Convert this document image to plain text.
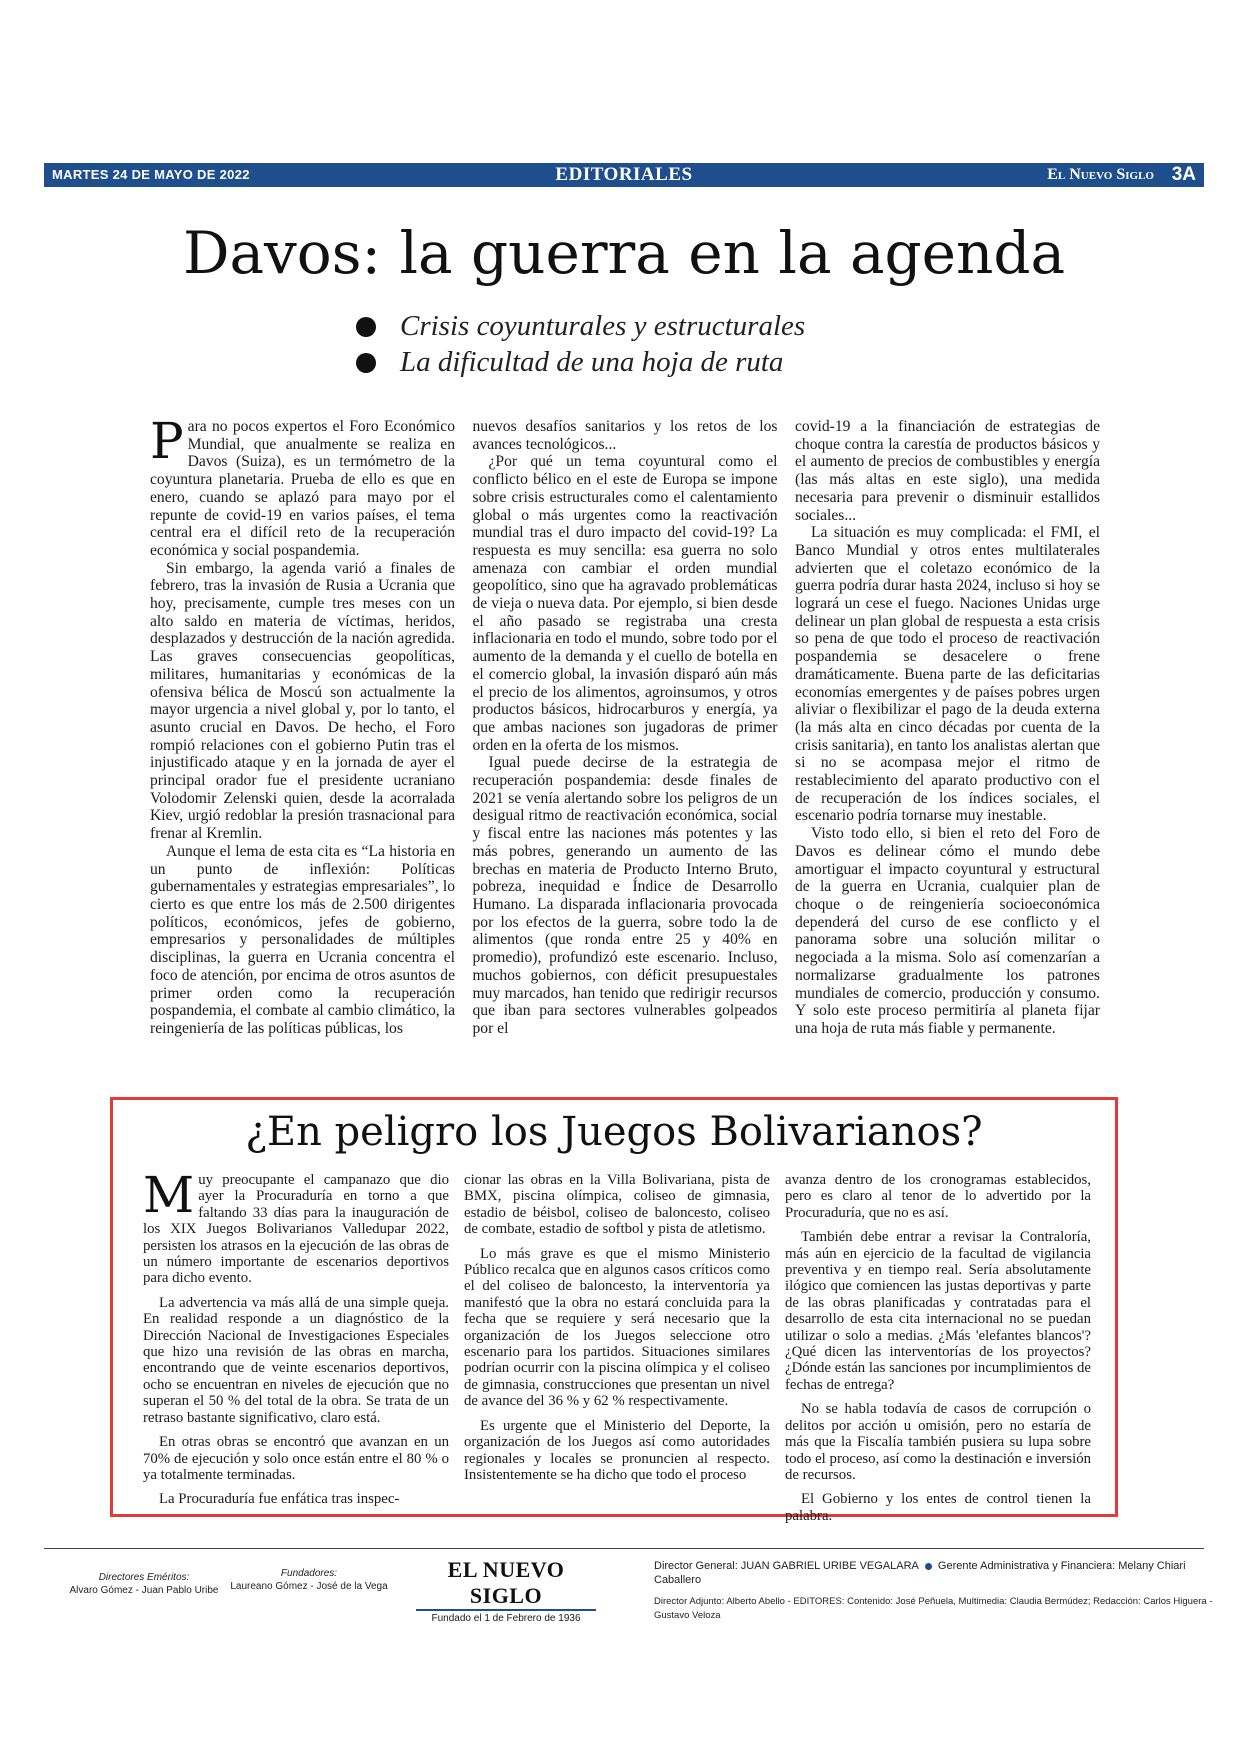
MARTES 24 DE MAYO DE 2022	EDITORIALES	El Nuevo Siglo 3A
Davos: la guerra en la agenda
Crisis coyunturales y estructurales
La dificultad de una hoja de ruta

Para no pocos expertos el Foro Económico Mundial, que anualmente se realiza en Davos (Suiza), es un termómetro de la coyuntura planetaria. Prueba de ello es que en enero, cuando se aplazó para mayo por el repunte de covid-19 en varios países, el tema central era el difícil reto de la recuperación económica y social pospandemia.

Sin embargo, la agenda varió a finales de febrero, tras la invasión de Rusia a Ucrania que hoy, precisamente, cumple tres meses con un alto saldo en materia de víctimas, heridos, desplazados y destrucción de la nación agredida. Las graves consecuencias geopolíticas, militares, humanitarias y económicas de la ofensiva bélica de Moscú son actualmente la mayor urgencia a nivel global y, por lo tanto, el asunto crucial en Davos. De hecho, el Foro rompió relaciones con el gobierno Putin tras el injustificado ataque y en la jornada de ayer el principal orador fue el presidente ucraniano Volodomir Zelenski quien, desde la acorralada Kiev, urgió redoblar la presión trasnacional para frenar al Kremlin.

Aunque el lema de esta cita es “La historia en un punto de inflexión: Políticas gubernamentales y estrategias empresariales”, lo cierto es que entre los más de 2.500 dirigentes políticos, económicos, jefes de gobierno, empresarios y personalidades de múltiples disciplinas, la guerra en Ucrania concentra el foco de atención, por encima de otros asuntos de primer orden como la recuperación pospandemia, el combate al cambio climático, la reingeniería de las políticas públicas, los

nuevos desafíos sanitarios y los retos de los avances tecnológicos...

¿Por qué un tema coyuntural como el conflicto bélico en el este de Europa se impone sobre crisis estructurales como el calentamiento global o más urgentes como la reactivación mundial tras el duro impacto del covid-19? La respuesta es muy sencilla: esa guerra no solo amenaza con cambiar el orden mundial geopolítico, sino que ha agravado problemáticas de vieja o nueva data. Por ejemplo, si bien desde el año pasado se registraba una cresta inflacionaria en todo el mundo, sobre todo por el aumento de la demanda y el cuello de botella en el comercio global, la invasión disparó aún más el precio de los alimentos, agroinsumos, y otros productos básicos, hidrocarburos y energía, ya que ambas naciones son jugadoras de primer orden en la oferta de los mismos.

Igual puede decirse de la estrategia de recuperación pospandemia: desde finales de 2021 se venía alertando sobre los peligros de un desigual ritmo de reactivación económica, social y fiscal entre las naciones más potentes y las más pobres, generando un aumento de las brechas en materia de Producto Interno Bruto, pobreza, inequidad e Índice de Desarrollo Humano. La disparada inflacionaria provocada por los efectos de la guerra, sobre todo la de alimentos (que ronda entre 25 y 40% en promedio), profundizó este escenario. Incluso, muchos gobiernos, con déficit presupuestales muy marcados, han tenido que redirigir recursos que iban para sectores vulnerables golpeados por el

covid-19 a la financiación de estrategias de choque contra la carestía de productos básicos y el aumento de precios de combustibles y energía (las más altas en este siglo), una medida necesaria para prevenir o disminuir estallidos sociales...

La situación es muy complicada: el FMI, el Banco Mundial y otros entes multilaterales advierten que el coletazo económico de la guerra podría durar hasta 2024, incluso si hoy se logrará un cese el fuego. Naciones Unidas urge delinear un plan global de respuesta a esta crisis so pena de que todo el proceso de reactivación pospandemia se desacelere o frene dramáticamente. Buena parte de las deficitarias economías emergentes y de países pobres urgen aliviar o flexibilizar el pago de la deuda externa (la más alta en cinco décadas por cuenta de la crisis sanitaria), en tanto los analistas alertan que si no se acompasa mejor el ritmo de restablecimiento del aparato productivo con el de recuperación de los índices sociales, el escenario podría tornarse muy inestable.

Visto todo ello, si bien el reto del Foro de Davos es delinear cómo el mundo debe amortiguar el impacto coyuntural y estructural de la guerra en Ucrania, cualquier plan de choque o de reingeniería socioeconómica dependerá del curso de ese conflicto y el panorama sobre una solución militar o negociada a la misma. Solo así comenzarían a normalizarse gradualmente los patrones mundiales de comercio, producción y consumo. Y solo este proceso permitiría al planeta fijar una hoja de ruta más fiable y permanente.

¿En peligro los Juegos Bolivarianos?

Muy preocupante el campanazo que dio ayer la Procuraduría en torno a que faltando 33 días para la inauguración de los XIX Juegos Bolivarianos Valledupar 2022, persisten los atrasos en la ejecución de las obras de un número importante de escenarios deportivos para dicho evento.

La advertencia va más allá de una simple queja. En realidad responde a un diagnóstico de la Dirección Nacional de Investigaciones Especiales que hizo una revisión de las obras en marcha, encontrando que de veinte escenarios deportivos, ocho se encuentran en niveles de ejecución que no superan el 50 % del total de la obra. Se trata de un retraso bastante significativo, claro está.

En otras obras se encontró que avanzan en un 70% de ejecución y solo once están entre el 80 % o ya totalmente terminadas.

La Procuraduría fue enfática tras inspec-

cionar las obras en la Villa Bolivariana, pista de BMX, piscina olímpica, coliseo de gimnasia, estadio de béisbol, coliseo de baloncesto, coliseo de combate, estadio de softbol y pista de atletismo.

Lo más grave es que el mismo Ministerio Público recalca que en algunos casos críticos como el del coliseo de baloncesto, la interventoría ya manifestó que la obra no estará concluida para la fecha que se requiere y será necesario que la organización de los Juegos seleccione otro escenario para los partidos. Situaciones similares podrían ocurrir con la piscina olímpica y el coliseo de gimnasia, construcciones que presentan un nivel de avance del 36 % y 62 % respectivamente.

Es urgente que el Ministerio del Deporte, la organización de los Juegos así como autoridades regionales y locales se pronuncien al respecto. Insistentemente se ha dicho que todo el proceso

avanza dentro de los cronogramas establecidos, pero es claro al tenor de lo advertido por la Procuraduría, que no es así.

También debe entrar a revisar la Contraloría, más aún en ejercicio de la facultad de vigilancia preventiva y en tiempo real. Sería absolutamente ilógico que comiencen las justas deportivas y parte de las obras planificadas y contratadas para el desarrollo de esta cita internacional no se puedan utilizar o solo a medias. ¿Más 'elefantes blancos'? ¿Qué dicen las interventorías de los proyectos? ¿Dónde están las sanciones por incumplimientos de fechas de entrega?

No se habla todavía de casos de corrupción o delitos por acción u omisión, pero no estaría de más que la Fiscalía también pusiera su lupa sobre todo el proceso, así como la destinación e inversión de recursos.

El Gobierno y los entes de control tienen la palabra.

Directores Eméritos:
Alvaro Gómez - Juan Pablo Uribe
Fundadores:
Laureano Gómez - José de la Vega
EL NUEVO SIGLO
Fundado el 1 de Febrero de 1936
Director General: JUAN GABRIEL URIBE VEGALARA Gerente Administrativa y Financiera: Melany Chiari Caballero
Director Adjunto: Alberto Abello - EDITORES: Contenido: José Peñuela, Multimedia: Claudia Bermúdez; Redacción: Carlos Higuera - Gustavo Veloza
